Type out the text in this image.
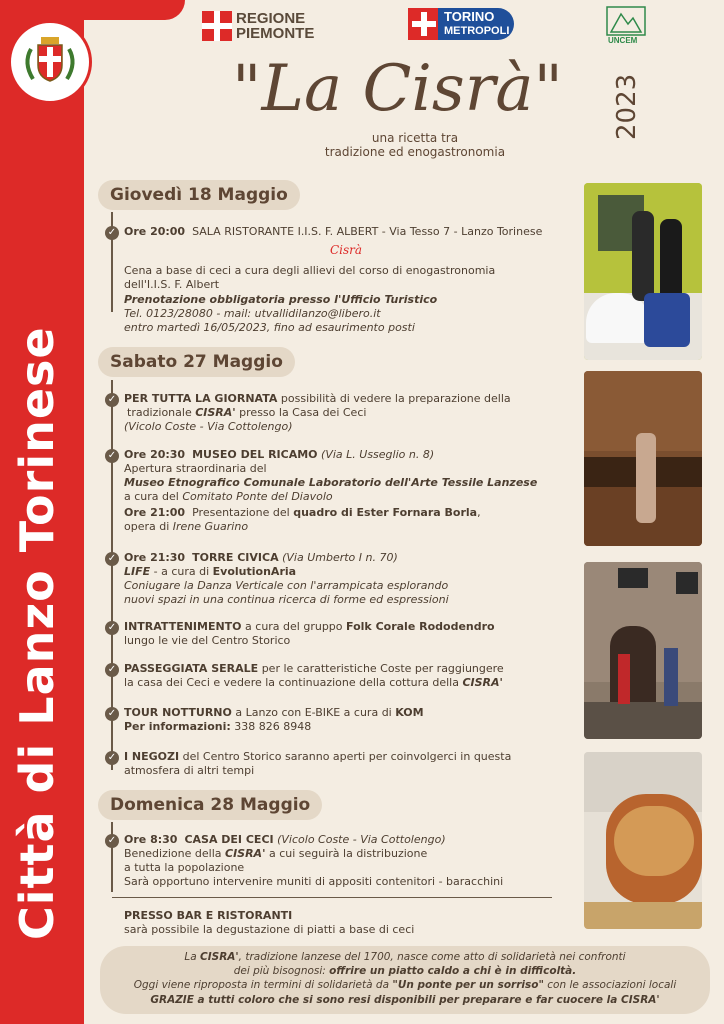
Città di Lanzo Torinese
REGIONE
PIEMONTE
TORINO
METROPOLI
UNCEM
"La Cisrà"
una ricetta tra
tradizione ed enogastronomia
2023
Giovedì 18 Maggio
✓ Ore 20:00 SALA RISTORANTE I.I.S. F. ALBERT - Via Tesso 7 - Lanzo Torinese
Cisrà
Cena a base di ceci a cura degli allievi del corso di enogastronomia
dell'I.I.S. F. Albert
Prenotazione obbligatoria presso l'Ufficio Turistico
Tel. 0123/28080 - mail: utvallidilanzo@libero.it
entro martedì 16/05/2023, fino ad esaurimento posti
Sabato 27 Maggio
✓ PER TUTTA LA GIORNATA possibilità di vedere la preparazione della
tradizionale CISRA' presso la Casa dei Ceci
(Vicolo Coste - Via Cottolengo)
✓ Ore 20:30 MUSEO DEL RICAMO (Via L. Usseglio n. 8)
Apertura straordinaria del
Museo Etnografico Comunale Laboratorio dell'Arte Tessile Lanzese
a cura del Comitato Ponte del Diavolo
Ore 21:00 Presentazione del quadro di Ester Fornara Borla,
opera di Irene Guarino
✓ Ore 21:30 TORRE CIVICA (Via Umberto I n. 70)
LIFE - a cura di EvolutionAria
Coniugare la Danza Verticale con l'arrampicata esplorando
nuovi spazi in una continua ricerca di forme ed espressioni
✓ INTRATTENIMENTO a cura del gruppo Folk Corale Rododendro
lungo le vie del Centro Storico
✓ PASSEGGIATA SERALE per le caratteristiche Coste per raggiungere
la casa dei Ceci e vedere la continuazione della cottura della CISRA'
✓ TOUR NOTTURNO a Lanzo con E-BIKE a cura di KOM
Per informazioni: 338 826 8948
✓ I NEGOZI del Centro Storico saranno aperti per coinvolgerci in questa
atmosfera di altri tempi
Domenica 28 Maggio
✓ Ore 8:30 CASA DEI CECI (Vicolo Coste - Via Cottolengo)
Benedizione della CISRA' a cui seguirà la distribuzione
a tutta la popolazione
Sarà opportuno intervenire muniti di appositi contenitori - baracchini
PRESSO BAR E RISTORANTI
sarà possibile la degustazione di piatti a base di ceci
La CISRA', tradizione lanzese del 1700, nasce come atto di solidarietà nei confronti
dei più bisognosi: offrire un piatto caldo a chi è in difficoltà.
Oggi viene riproposta in termini di solidarietà da "Un ponte per un sorriso" con le associazioni locali
GRAZIE a tutti coloro che si sono resi disponibili per preparare e far cuocere la CISRA'
